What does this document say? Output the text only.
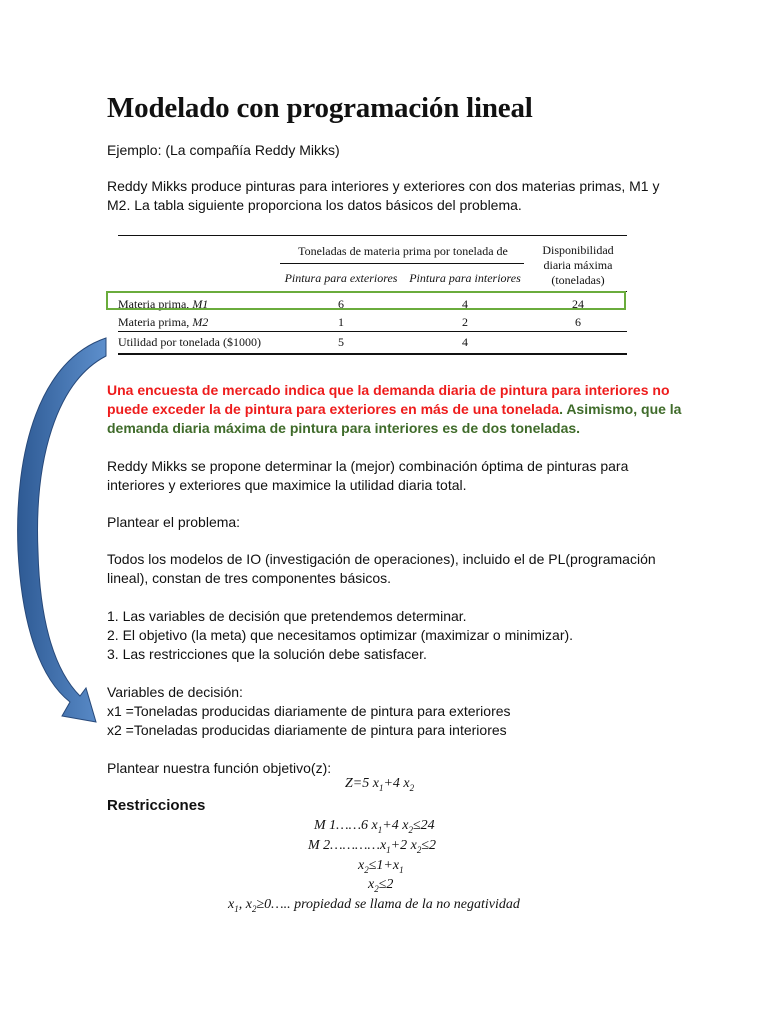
Modelado con programación lineal
Ejemplo: (La compañía Reddy Mikks)
Reddy Mikks produce pinturas para interiores y exteriores con dos materias primas, M1 y
M2. La tabla siguiente proporciona los datos básicos del problema.
Toneladas de materia prima por tonelada de
Pintura para exteriores Pintura para interiores
Disponibilidad
diaria máxima
(toneladas)
Materia prima, M1	6	4	24
Materia prima, M2	1	2	6
Utilidad por tonelada ($1000)	5	4
Una encuesta de mercado indica que la demanda diaria de pintura para interiores no
puede exceder la de pintura para exteriores en más de una tonelada. Asimismo, que la
demanda diaria máxima de pintura para interiores es de dos toneladas.
Reddy Mikks se propone determinar la (mejor) combinación óptima de pinturas para
interiores y exteriores que maximice la utilidad diaria total.
Plantear el problema:
Todos los modelos de IO (investigación de operaciones), incluido el de PL(programación
lineal), constan de tres componentes básicos.
1. Las variables de decisión que pretendemos determinar.
2. El objetivo (la meta) que necesitamos optimizar (maximizar o minimizar).
3. Las restricciones que la solución debe satisfacer.
Variables de decisión:
x1 =Toneladas producidas diariamente de pintura para exteriores
x2 =Toneladas producidas diariamente de pintura para interiores
Plantear nuestra función objetivo(z):
Z=5 $x_1+4$ $x_2$
Restricciones
M 1……6 $x_1+4$ $x_2\le 24$
M $2\dots\dots\dots\dots x_1+2$ $x_2\le 2$
$x_2\le 1+x_1$
$x_2\le 2$
$x_1$, $x_2\ge 0\dots$.. propiedad se llama de la no negatividad
